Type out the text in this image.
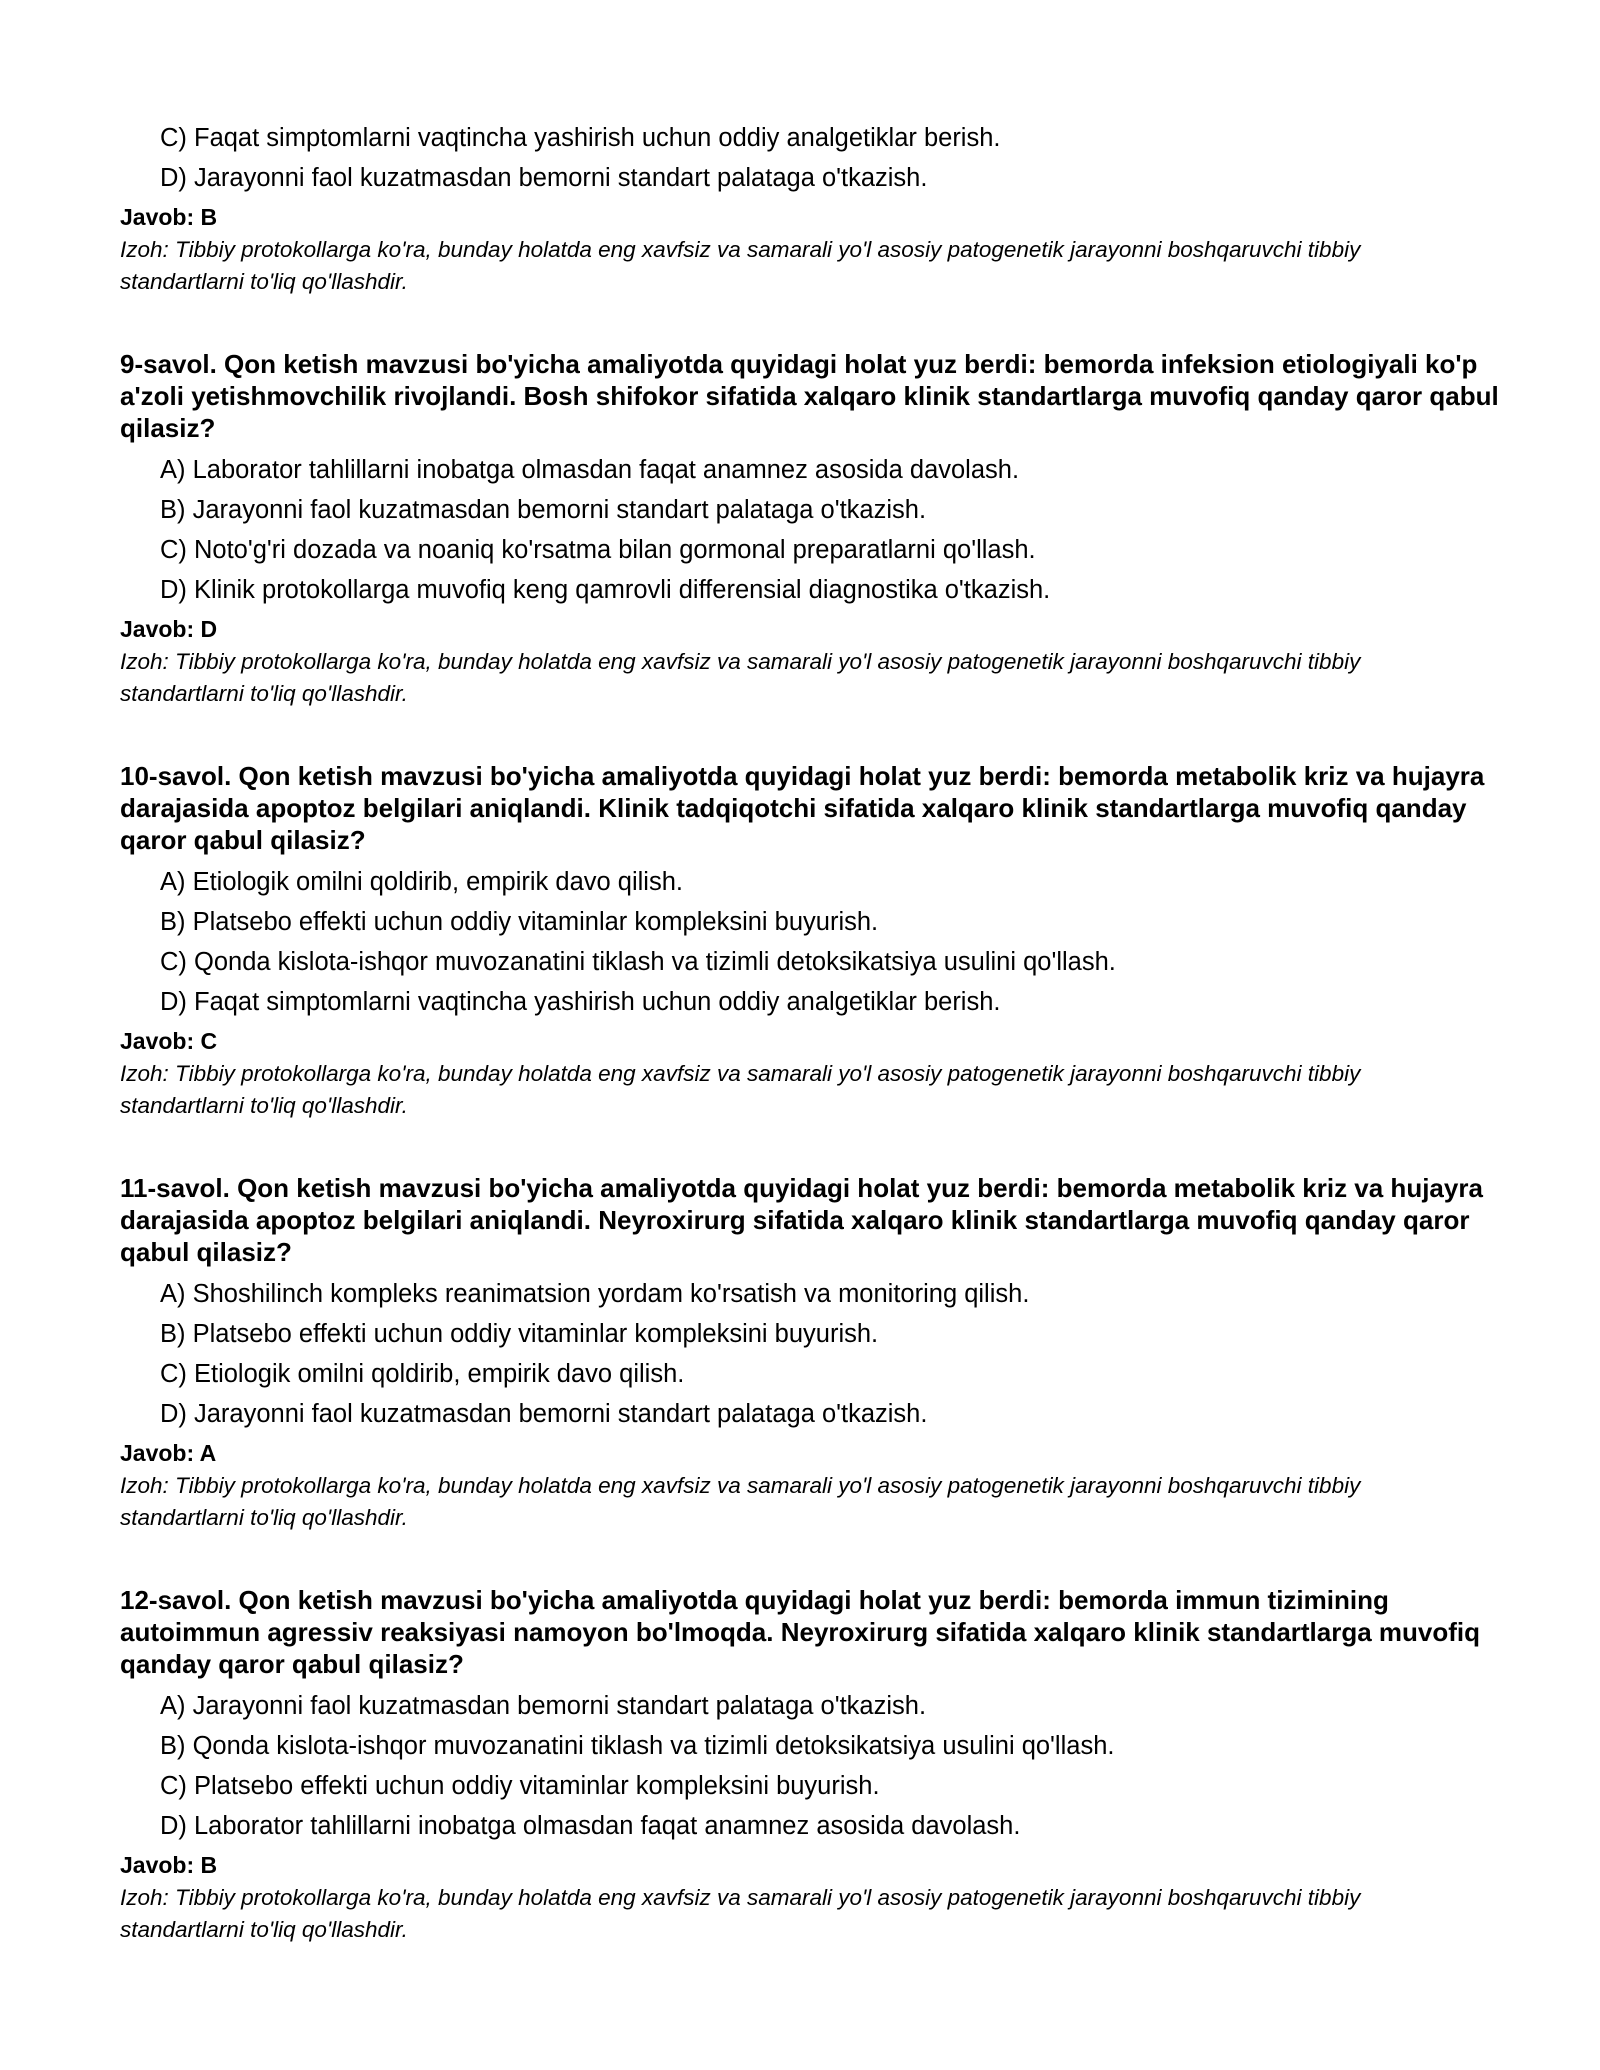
C) Faqat simptomlarni vaqtincha yashirish uchun oddiy analgetiklar berish.

D) Jarayonni faol kuzatmasdan bemorni standart palataga o'tkazish.

Javob: B

Izoh: Tibbiy protokollarga ko'ra, bunday holatda eng xavfsiz va samarali yo'l asosiy patogenetik jarayonni boshqaruvchi tibbiy standartlarni to'liq qo'llashdir.

9-savol. Qon ketish mavzusi bo'yicha amaliyotda quyidagi holat yuz berdi: bemorda infeksion etiologiyali ko'p a'zoli yetishmovchilik rivojlandi. Bosh shifokor sifatida xalqaro klinik standartlarga muvofiq qanday qaror qabul qilasiz?

A) Laborator tahlillarni inobatga olmasdan faqat anamnez asosida davolash.

B) Jarayonni faol kuzatmasdan bemorni standart palataga o'tkazish.

C) Noto'g'ri dozada va noaniq ko'rsatma bilan gormonal preparatlarni qo'llash.

D) Klinik protokollarga muvofiq keng qamrovli differensial diagnostika o'tkazish.

Javob: D

Izoh: Tibbiy protokollarga ko'ra, bunday holatda eng xavfsiz va samarali yo'l asosiy patogenetik jarayonni boshqaruvchi tibbiy standartlarni to'liq qo'llashdir.

10-savol. Qon ketish mavzusi bo'yicha amaliyotda quyidagi holat yuz berdi: bemorda metabolik kriz va hujayra darajasida apoptoz belgilari aniqlandi. Klinik tadqiqotchi sifatida xalqaro klinik standartlarga muvofiq qanday qaror qabul qilasiz?

A) Etiologik omilni qoldirib, empirik davo qilish.

B) Platsebo effekti uchun oddiy vitaminlar kompleksini buyurish.

C) Qonda kislota-ishqor muvozanatini tiklash va tizimli detoksikatsiya usulini qo'llash.

D) Faqat simptomlarni vaqtincha yashirish uchun oddiy analgetiklar berish.

Javob: C

Izoh: Tibbiy protokollarga ko'ra, bunday holatda eng xavfsiz va samarali yo'l asosiy patogenetik jarayonni boshqaruvchi tibbiy standartlarni to'liq qo'llashdir.

11-savol. Qon ketish mavzusi bo'yicha amaliyotda quyidagi holat yuz berdi: bemorda metabolik kriz va hujayra darajasida apoptoz belgilari aniqlandi. Neyroxirurg sifatida xalqaro klinik standartlarga muvofiq qanday qaror qabul qilasiz?

A) Shoshilinch kompleks reanimatsion yordam ko'rsatish va monitoring qilish.

B) Platsebo effekti uchun oddiy vitaminlar kompleksini buyurish.

C) Etiologik omilni qoldirib, empirik davo qilish.

D) Jarayonni faol kuzatmasdan bemorni standart palataga o'tkazish.

Javob: A

Izoh: Tibbiy protokollarga ko'ra, bunday holatda eng xavfsiz va samarali yo'l asosiy patogenetik jarayonni boshqaruvchi tibbiy standartlarni to'liq qo'llashdir.

12-savol. Qon ketish mavzusi bo'yicha amaliyotda quyidagi holat yuz berdi: bemorda immun tizimining autoimmun agressiv reaksiyasi namoyon bo'lmoqda. Neyroxirurg sifatida xalqaro klinik standartlarga muvofiq qanday qaror qabul qilasiz?

A) Jarayonni faol kuzatmasdan bemorni standart palataga o'tkazish.

B) Qonda kislota-ishqor muvozanatini tiklash va tizimli detoksikatsiya usulini qo'llash.

C) Platsebo effekti uchun oddiy vitaminlar kompleksini buyurish.

D) Laborator tahlillarni inobatga olmasdan faqat anamnez asosida davolash.

Javob: B

Izoh: Tibbiy protokollarga ko'ra, bunday holatda eng xavfsiz va samarali yo'l asosiy patogenetik jarayonni boshqaruvchi tibbiy standartlarni to'liq qo'llashdir.
